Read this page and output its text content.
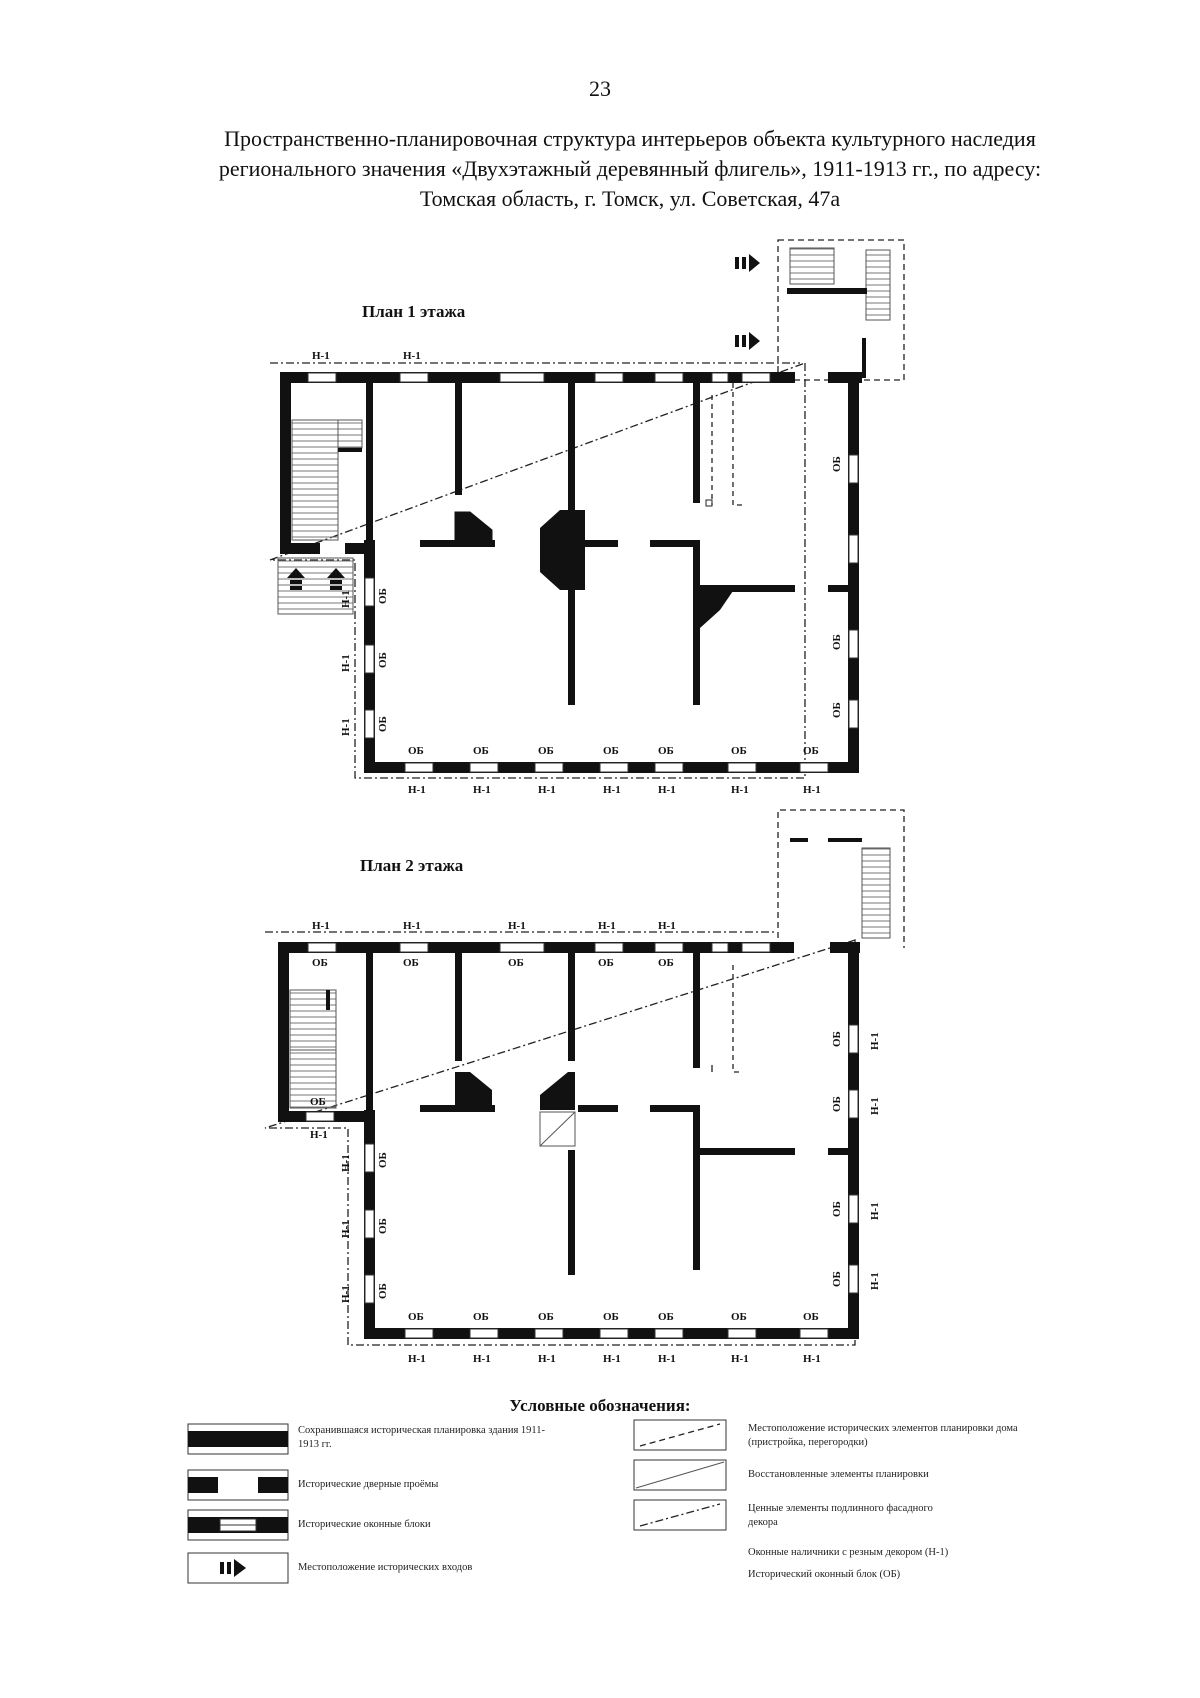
23
Пространственно-планировочная структура интерьеров объекта культурного наследия
регионального значения «Двухэтажный деревянный флигель», 1911-1913 гг., по адресу:
Томская область, г. Томск, ул. Советская, 47а
План 1 этажа
План 2 этажа
Н-1	Н-1
ОБ
ОБ
ОБ
Н-1 ОБ
Н-1 ОБ
Н-1 ОБ
ОБ	ОБ	ОБ	ОБ	ОБ	ОБ	ОБ
Н-1	Н-1	Н-1	Н-1	Н-1	Н-1	Н-1
Н-1	Н-1	Н-1	Н-1	Н-1
ОБ	ОБ	ОБ	ОБ	ОБ
ОБ
Н-1
ОБ
ОБ
ОБ
ОБ
Н-1
Н-1
Н-1
Н-1
Н-1
Н-1
Н-1
ОБ
ОБ
ОБ
ОБ	ОБ	ОБ	ОБ	ОБ	ОБ	ОБ
Н-1	Н-1	Н-1	Н-1	Н-1	Н-1	Н-1
Условные обозначения:
Сохранившаяся историческая планировка здания 1911-1913 гг.
Исторические дверные проёмы
Исторические оконные блоки
Местоположение исторических входов
Местоположение исторических элементов планировки дома (пристройка, перегородки)
Восстановленные элементы планировки
Ценные элементы подлинного фасадного декора
Оконные наличники с резным декором (Н-1)
Исторический оконный блок (ОБ)
